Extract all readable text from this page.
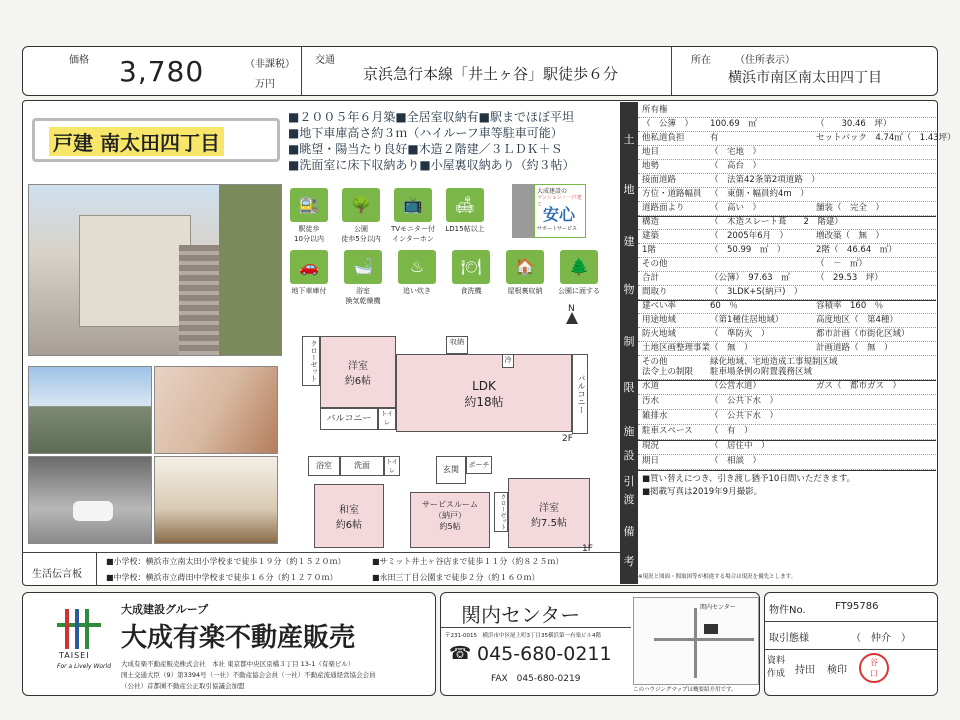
価格 3,780	（非課税）
万円
交通
京浜急行本線「井土ヶ谷」駅徒歩６分
所在 （住所表示）
横浜市南区南太田四丁目
戸建 南太田四丁目
■２００５年６月築■全居室収納有■駅までほぼ平坦
■地下車庫高さ約３ｍ（ハイルーフ車等駐車可能）
■眺望・陽当たり良好■木造２階建／３ＬＤＫ＋Ｓ
■洗面室に床下収納あり■小屋裏収納あり（約３帖）
🚉
駅徒歩
10分以内
🌳
公園
徒歩5分以内
📺
TVモニター付
インターホン
🛋
LD15帖以上
🚗
地下車庫付
🛁
浴室
換気乾燥機
♨
追い炊き
🍽
食洗機
🏠
屋根裏収納
🌲
公園に面する
大成建設の
マンション・一戸建て 安心
サポートサービス
N
クローゼット	洋室
約6帖
収納
LDK
約18帖
冷
バルコニー
バルコニー	トイレ
2F
浴室	洗面	トイレ	玄関	ポーチ
和室
約6帖
サービスルーム
（納戸）
約5帖	クローゼット	洋室
約7.5帖
1F
生活伝言板
■小学校：横浜市立南太田小学校まで徒歩１９分（約１５２０ｍ）	■サミット井土ヶ谷店まで徒歩１１分（約８２５ｍ）
■中学校：横浜市立蒔田中学校まで徒歩１６分（約１２７０ｍ）	■永田三丁目公園まで徒歩２分（約１６０ｍ）
土
地
建
物
制
限
施
設
引
渡
備
考
所有権
（　公簿　） 100.69　㎡	（　　30.46　坪）
他私道負担	有	セットバック　4.74㎡（　1.43坪）
地目	（　宅地　）
地勢	（　高台　）
接面道路	（　法第42条第2項道路　）
方位・道路幅員 （　東側・幅員約4m　）
道路面より	（　高い　）	舗装（　完全　）
構造	（　木造スレート葺　　2　階建）
建築	（　2005年6月　）	増改築（　無　）
1階	（　50.99　㎡　）	2階（　46.64　㎡）
その他	（　－　㎡）
合計	（公簿）　97.63　㎡	（　29.53　坪）
間取り	（　3LDK+S(納戸)　）
建ぺい率	60　％	容積率　160　％
用途地域	（第1種住居地域）	高度地区（　第4種）
防火地域	（　準防火　）	都市計画（市街化区域）
土地区画整理事業 （　無　）	計画道路（　無　）
その他
法令上の制限
緑化地域、宅地造成工事規制区域
駐車場条例の附置義務区域
水道	（公営水道）	ガス（　都市ガス　）
汚水	（　公共下水　）
雑排水	（　公共下水　）
駐車スペース （　有　）
現況	（　居住中　）
期日	（　相談　）
■買い替えにつき、引き渡し猶予10日間いただきます。
■掲載写真は2019年9月撮影。
※現況と図面・間取図等が相違する場合は現況を優先とします。
TAISEI
For a Lively World
大成建設グループ
大成有楽不動産販売
大成有楽不動産販売株式会社　本社 東京都中央区京橋３丁目 13-1（有楽ビル）
国土交通大臣（9）第3394号（一社）不動産協会会員（一社）不動産流通経営協会会員
（公社）首都圏不動産公正取引協議会加盟
関内センター
〒231-0015　横浜市中区尾上町3丁目35横浜第一有楽ビル4階
☎ 045-680-0211
FAX　045-680-0219
関内センター
このハウジングマップは概要紹介用です。
物件No.	FT95786
取引態様	（　仲介　）
資料作成 持田 検印
谷口
